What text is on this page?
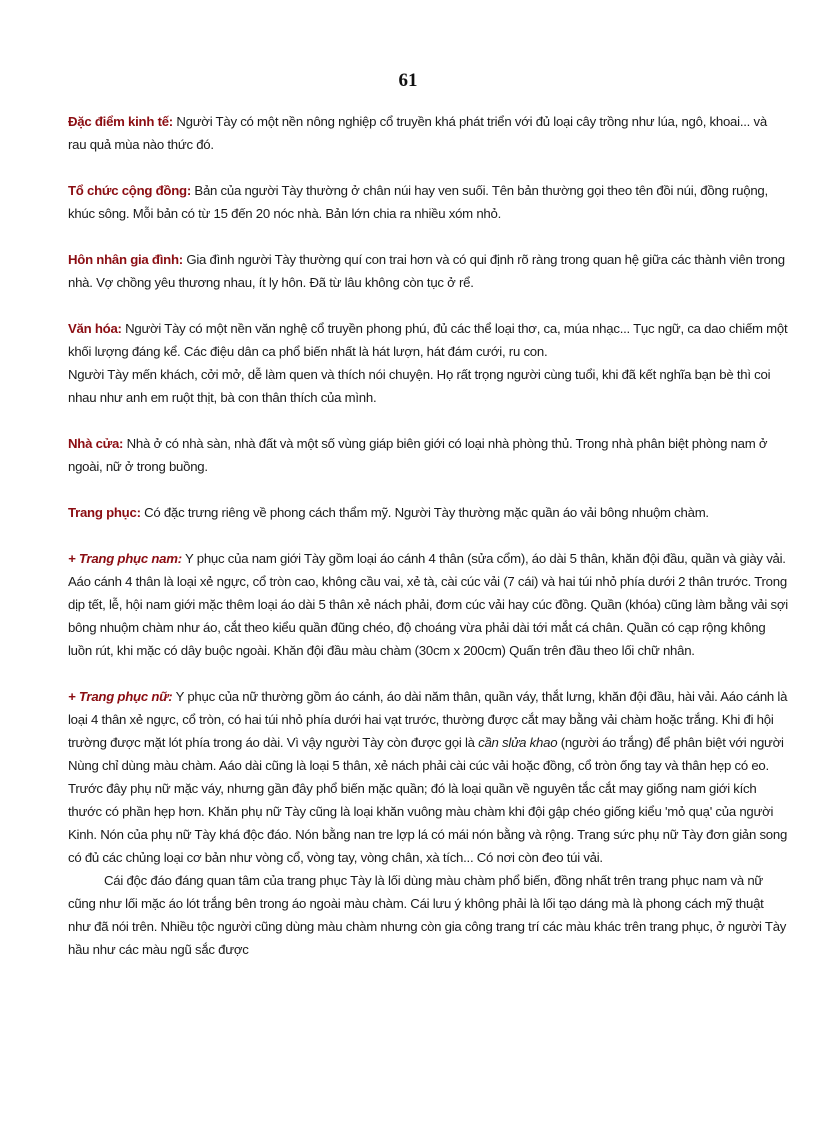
61

Đặc điểm kinh tế: Người Tày có một nền nông nghiệp cổ truyền khá phát triển với đủ loại cây trồng như lúa, ngô, khoai... và rau quả mùa nào thức đó.

Tổ chức cộng đồng: Bản của người Tày thường ở chân núi hay ven suối. Tên bản thường gọi theo tên đồi núi, đồng ruộng, khúc sông. Mỗi bản có từ 15 đến 20 nóc nhà. Bản lớn chia ra nhiều xóm nhỏ.

Hôn nhân gia đình: Gia đình người Tày thường quí con trai hơn và có qui định rõ ràng trong quan hệ giữa các thành viên trong nhà. Vợ chồng yêu thương nhau, ít ly hôn. Đã từ lâu không còn tục ở rể.

Văn hóa: Người Tày có một nền văn nghệ cổ truyền phong phú, đủ các thể loại thơ, ca, múa nhạc... Tục ngữ, ca dao chiếm một khối lượng đáng kể. Các điệu dân ca phổ biến nhất là hát lượn, hát đám cưới, ru con.

Người Tày mến khách, cởi mở, dễ làm quen và thích nói chuyện. Họ rất trọng người cùng tuổi, khi đã kết nghĩa bạn bè thì coi nhau như anh em ruột thịt, bà con thân thích của mình.

Nhà cửa: Nhà ở có nhà sàn, nhà đất và một số vùng giáp biên giới có loại nhà phòng thủ. Trong nhà phân biệt phòng nam ở ngoài, nữ ở trong buồng.

Trang phục: Có đặc trưng riêng về phong cách thẩm mỹ. Người Tày thường mặc quần áo vải bông nhuộm chàm.

+ Trang phục nam: Y phục của nam giới Tày gồm loại áo cánh 4 thân (sửa cổm), áo dài 5 thân, khăn đội đầu, quần và giày vải. Aáo cánh 4 thân là loại xẻ ngực, cổ tròn cao, không cầu vai, xẻ tà, cài cúc vải (7 cái) và hai túi nhỏ phía dưới 2 thân trước. Trong dịp tết, lễ, hội nam giới mặc thêm loại áo dài 5 thân xẻ nách phải, đơm cúc vải hay cúc đồng. Quần (khóa) cũng làm bằng vải sợi bông nhuộm chàm như áo, cắt theo kiểu quần đũng chéo, độ choáng vừa phải dài tới mắt cá chân. Quần có cạp rộng không luồn rút, khi mặc có dây buộc ngoài. Khăn đội đầu màu chàm (30cm x 200cm) Quấn trên đầu theo lối chữ nhân.

+ Trang phục nữ: Y phục của nữ thường gồm áo cánh, áo dài năm thân, quần váy, thắt lưng, khăn đội đầu, hài vải. Aáo cánh là loại 4 thân xẻ ngực, cổ tròn, có hai túi nhỏ phía dưới hai vạt trước, thường được cắt may bằng vải chàm hoặc trắng. Khi đi hội trường được mặt lót phía trong áo dài. Vì vậy người Tày còn được gọi là cần slửa khao (người áo trắng) để phân biệt với người Nùng chỉ dùng màu chàm. Aáo dài cũng là loại 5 thân, xẻ nách phải cài cúc vải hoặc đồng, cổ tròn ống tay và thân hẹp có eo. Trước đây phụ nữ mặc váy, nhưng gần đây phổ biến mặc quần; đó là loại quần về nguyên tắc cắt may giống nam giới kích thước có phần hẹp hơn. Khăn phụ nữ Tày cũng là loại khăn vuông màu chàm khi đội gập chéo giống kiểu 'mỏ quạ' của người Kinh. Nón của phụ nữ Tày khá độc đáo. Nón bằng nan tre lợp lá có mái nón bằng và rộng. Trang sức phụ nữ Tày đơn giản song có đủ các chủng loại cơ bản như vòng cổ, vòng tay, vòng chân, xà tích... Có nơi còn đeo túi vải.

Cái độc đáo đáng quan tâm của trang phục Tày là lối dùng màu chàm phổ biến, đồng nhất trên trang phục nam và nữ cũng như lối mặc áo lót trắng bên trong áo ngoài màu chàm. Cái lưu ý không phải là lối tạo dáng mà là phong cách mỹ thuật như đã nói trên. Nhiều tộc người cũng dùng màu chàm nhưng còn gia công trang trí các màu khác trên trang phục, ở người Tày hầu như các màu ngũ sắc được
